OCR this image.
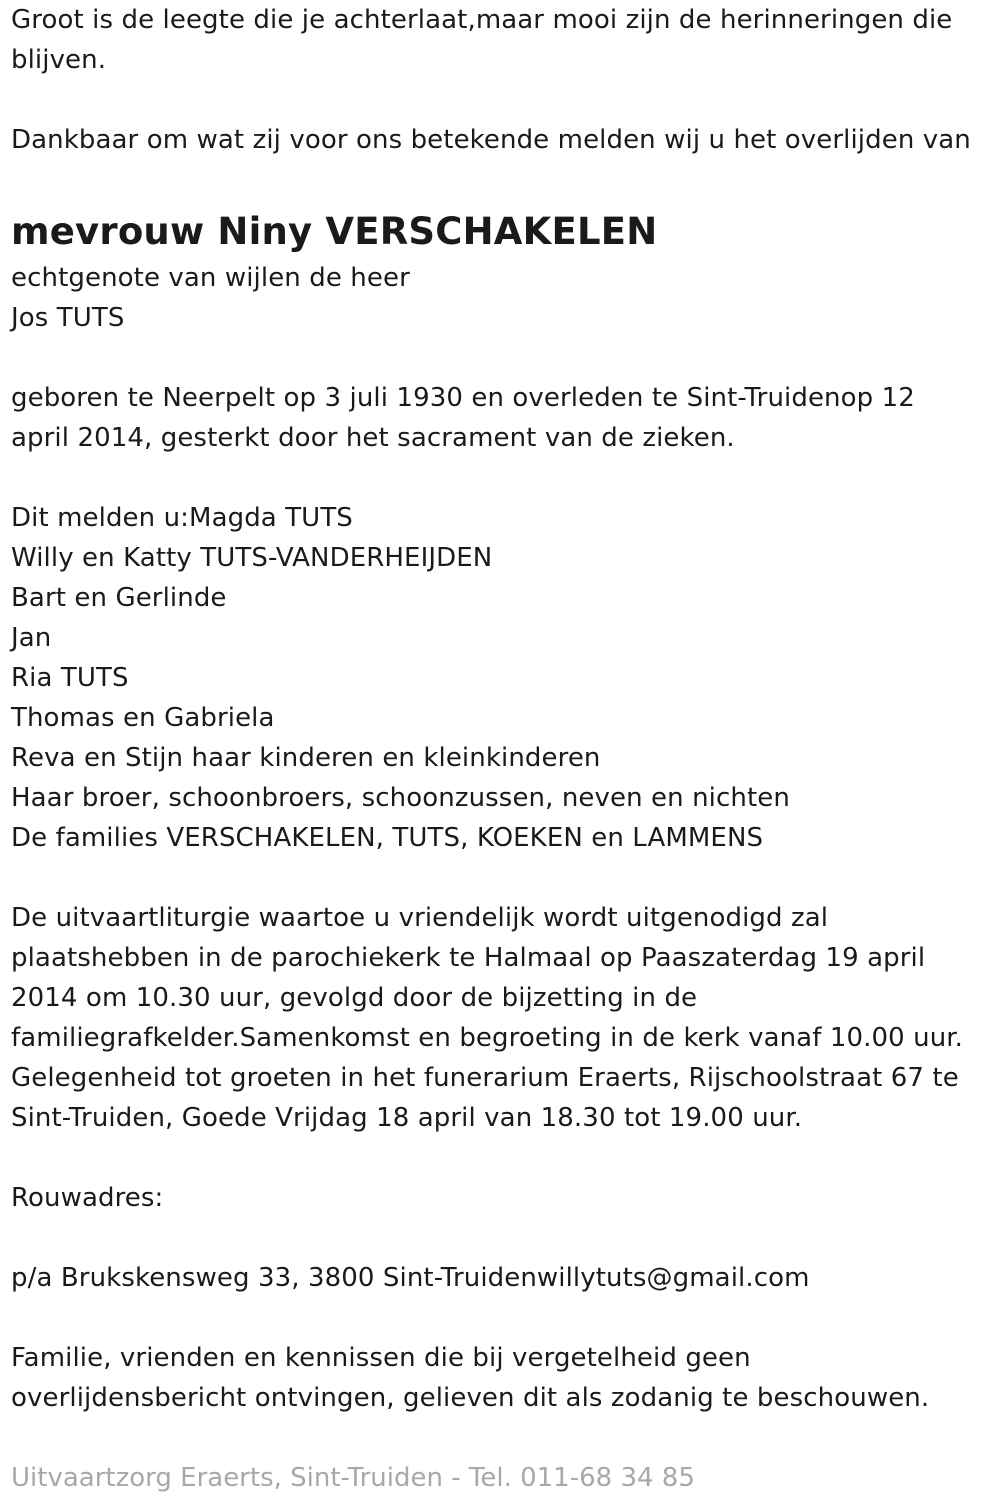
Groot is de leegte die je achterlaat,maar mooi zijn de herinneringen die
blijven.
Dankbaar om wat zij voor ons betekende melden wij u het overlijden van
mevrouw Niny VERSCHAKELEN
echtgenote van wijlen de heer
Jos TUTS
geboren te Neerpelt op 3 juli 1930 en overleden te Sint-Truidenop 12
april 2014, gesterkt door het sacrament van de zieken.
Dit melden u:Magda TUTS
Willy en Katty TUTS-VANDERHEIJDEN
Bart en Gerlinde
Jan
Ria TUTS
Thomas en Gabriela
Reva en Stijn haar kinderen en kleinkinderen
Haar broer, schoonbroers, schoonzussen, neven en nichten
De families VERSCHAKELEN, TUTS, KOEKEN en LAMMENS
De uitvaartliturgie waartoe u vriendelijk wordt uitgenodigd zal
plaatshebben in de parochiekerk te Halmaal op Paaszaterdag 19 april
2014 om 10.30 uur, gevolgd door de bijzetting in de
familiegrafkelder.Samenkomst en begroeting in de kerk vanaf 10.00 uur.
Gelegenheid tot groeten in het funerarium Eraerts, Rijschoolstraat 67 te
Sint-Truiden, Goede Vrijdag 18 april van 18.30 tot 19.00 uur.
Rouwadres:
p/a Brukskensweg 33, 3800 Sint-Truidenwillytuts@gmail.com
Familie, vrienden en kennissen die bij vergetelheid geen
overlijdensbericht ontvingen, gelieven dit als zodanig te beschouwen.
Uitvaartzorg Eraerts, Sint-Truiden - Tel. 011-68 34 85
